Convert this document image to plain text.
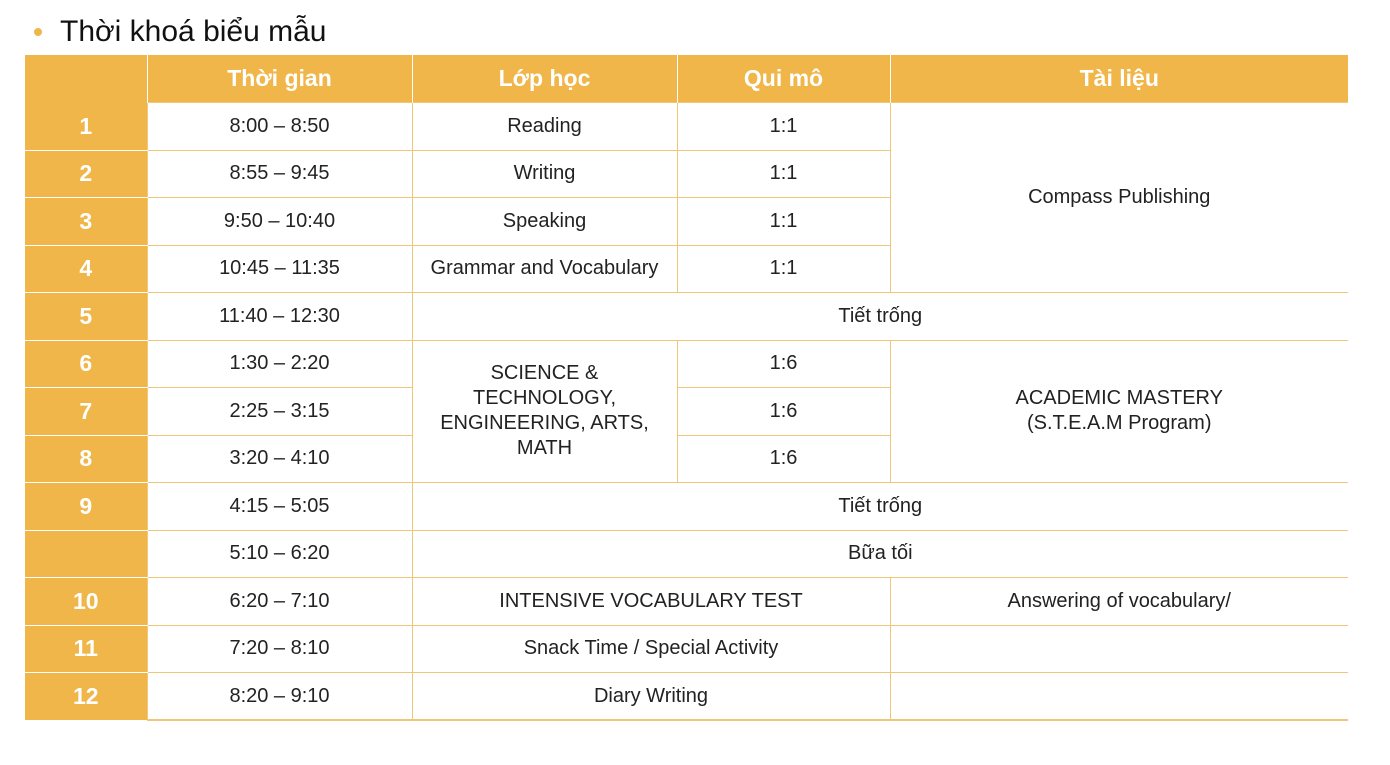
Thời khoá biểu mẫu
	Thời gian	Lớp học	Qui mô	Tài liệu
1	8:00 – 8:50	Reading	1:1	Compass Publishing
2	8:55 – 9:45	Writing	1:1	
3	9:50 – 10:40	Speaking	1:1	
4	10:45 – 11:35	Grammar and Vocabulary	1:1	
5	11:40 – 12:30	Tiết trống		
6	1:30 – 2:20	SCIENCE &
TECHNOLOGY,
ENGINEERING, ARTS,
MATH	1:6	ACADEMIC MASTERY
(S.T.E.A.M Program)

7	2:25 – 3:15		1:6	
8	3:20 – 4:10		1:6	
9	4:15 – 5:05	Tiết trống		
	5:10 – 6:20	Bữa tối		
10	6:20 – 7:10	INTENSIVE VOCABULARY TEST		Answering of vocabulary/
11	7:20 – 8:10	Snack Time / Special Activity		
12	8:20 – 9:10	Diary Writing		
